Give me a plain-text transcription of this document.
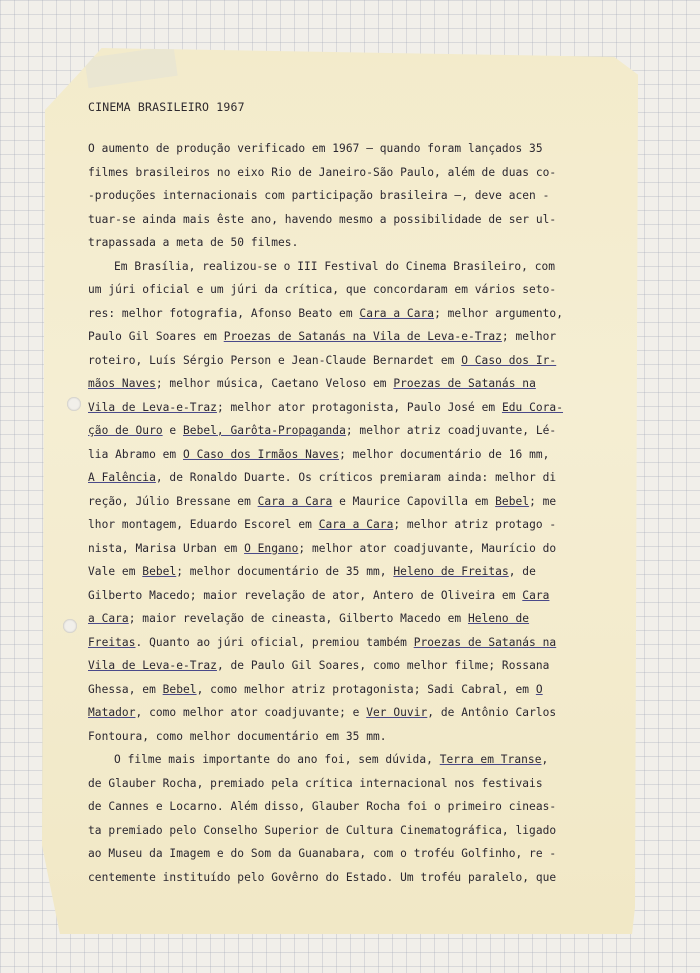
CINEMA BRASILEIRO 1967
O aumento de produção verificado em 1967 — quando foram lançados 35
filmes brasileiros no eixo Rio de Janeiro-São Paulo, além de duas co-
-produções internacionais com participação brasileira —, deve acen -
tuar-se ainda mais êste ano, havendo mesmo a possibilidade de ser ul-
trapassada a meta de 50 filmes.
Em Brasília, realizou-se o III Festival do Cinema Brasileiro, com
um júri oficial e um júri da crítica, que concordaram em vários seto-
res: melhor fotografia, Afonso Beato em Cara a Cara; melhor argumento,
Paulo Gil Soares em Proezas de Satanás na Vila de Leva-e-Traz; melhor
roteiro, Luís Sérgio Person e Jean-Claude Bernardet em O Caso dos Ir-
mãos Naves; melhor música, Caetano Veloso em Proezas de Satanás na
Vila de Leva-e-Traz; melhor ator protagonista, Paulo José em Edu Cora-
ção de Ouro e Bebel, Garôta-Propaganda; melhor atriz coadjuvante, Lé-
lia Abramo em O Caso dos Irmãos Naves; melhor documentário de 16 mm,
A Falência, de Ronaldo Duarte. Os críticos premiaram ainda: melhor di
reção, Júlio Bressane em Cara a Cara e Maurice Capovilla em Bebel; me
lhor montagem, Eduardo Escorel em Cara a Cara; melhor atriz protago -
nista, Marisa Urban em O Engano; melhor ator coadjuvante, Maurício do
Vale em Bebel; melhor documentário de 35 mm, Heleno de Freitas, de
Gilberto Macedo; maior revelação de ator, Antero de Oliveira em Cara
a Cara; maior revelação de cineasta, Gilberto Macedo em Heleno de
Freitas. Quanto ao júri oficial, premiou também Proezas de Satanás na
Vila de Leva-e-Traz, de Paulo Gil Soares, como melhor filme; Rossana
Ghessa, em Bebel, como melhor atriz protagonista; Sadi Cabral, em O
Matador, como melhor ator coadjuvante; e Ver Ouvir, de Antônio Carlos
Fontoura, como melhor documentário em 35 mm.
O filme mais importante do ano foi, sem dúvida, Terra em Transe,
de Glauber Rocha, premiado pela crítica internacional nos festivais
de Cannes e Locarno. Além disso, Glauber Rocha foi o primeiro cineas-
ta premiado pelo Conselho Superior de Cultura Cinematográfica, ligado
ao Museu da Imagem e do Som da Guanabara, com o troféu Golfinho, re -
centemente instituído pelo Govêrno do Estado. Um troféu paralelo, que
